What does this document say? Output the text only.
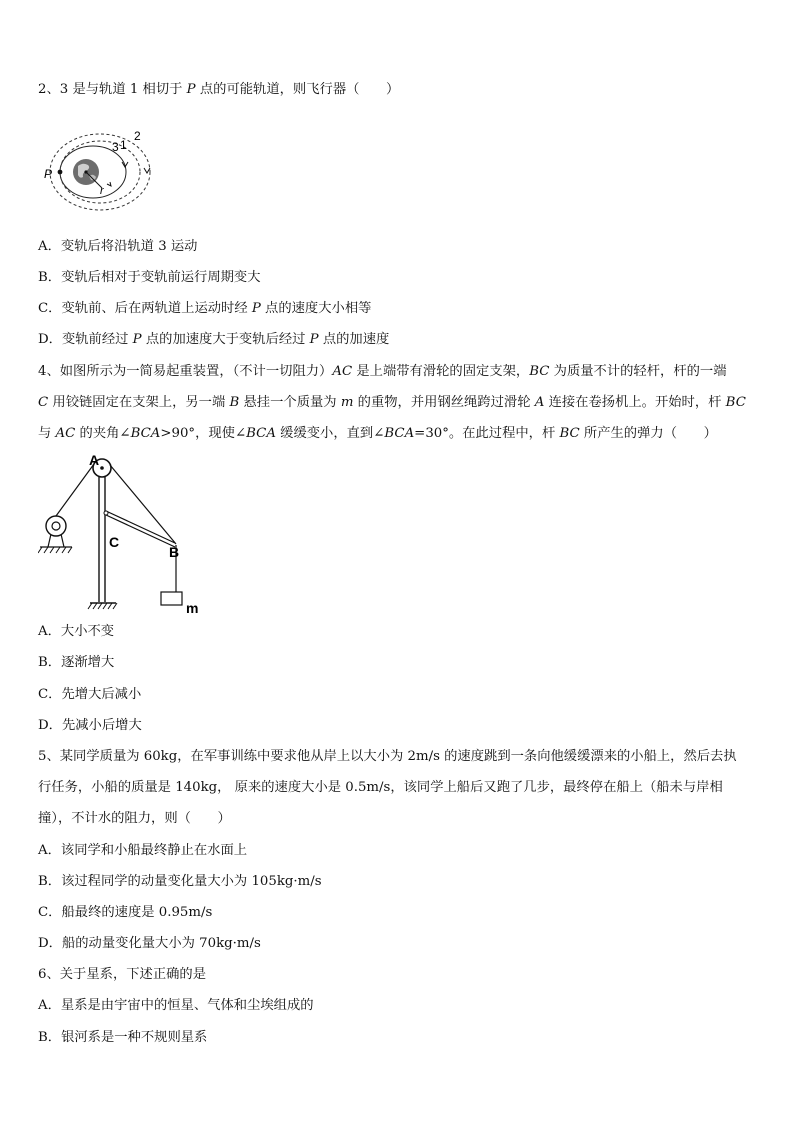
2、3 是与轨道 1 相切于 P 点的可能轨道，则飞行器（　　）
P
r
3 1
2
A．变轨后将沿轨道 3 运动
B．变轨后相对于变轨前运行周期变大
C．变轨前、后在两轨道上运动时经 P 点的速度大小相等
D．变轨前经过 P 点的加速度大于变轨后经过 P 点的加速度
4、如图所示为一简易起重装置，（不计一切阻力）AC 是上端带有滑轮的固定支架，BC 为质量不计的轻杆，杆的一端
C 用铰链固定在支架上，另一端 B 悬挂一个质量为 m 的重物，并用钢丝绳跨过滑轮 A 连接在卷扬机上。开始时，杆 BC
与 AC 的夹角∠BCA>90°，现使∠BCA 缓缓变小，直到∠BCA=30°。在此过程中，杆 BC 所产生的弹力（　　）
A
C
B
m
A．大小不变
B．逐渐增大
C．先增大后减小
D．先减小后增大
5、某同学质量为 60kg，在军事训练中要求他从岸上以大小为 2m/s 的速度跳到一条向他缓缓漂来的小船上，然后去执
行任务，小船的质量是 140kg， 原来的速度大小是 0.5m/s，该同学上船后又跑了几步，最终停在船上（船未与岸相
撞），不计水的阻力，则（　　）
A．该同学和小船最终静止在水面上
B．该过程同学的动量变化量大小为 105kg·m/s
C．船最终的速度是 0.95m/s
D．船的动量变化量大小为 70kg·m/s
6、关于星系，下述正确的是
A．星系是由宇宙中的恒星、气体和尘埃组成的
B．银河系是一种不规则星系
